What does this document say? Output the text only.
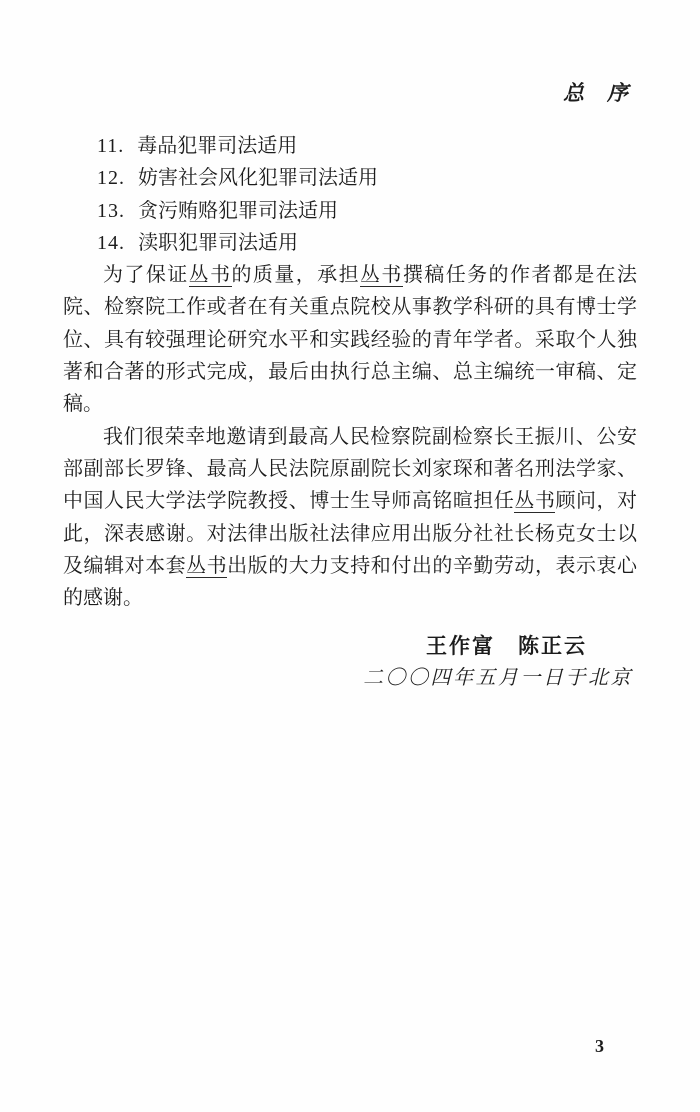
总　序
11. 毒品犯罪司法适用
12. 妨害社会风化犯罪司法适用
13. 贪污贿赂犯罪司法适用
14. 渎职犯罪司法适用

为了保证丛书的质量，承担丛书撰稿任务的作者都是在法院、检察院工作或者在有关重点院校从事教学科研的具有博士学位、具有较强理论研究水平和实践经验的青年学者。采取个人独著和合著的形式完成，最后由执行总主编、总主编统一审稿、定稿。

我们很荣幸地邀请到最高人民检察院副检察长王振川、公安部副部长罗锋、最高人民法院原副院长刘家琛和著名刑法学家、中国人民大学法学院教授、博士生导师高铭暄担任丛书顾问，对此，深表感谢。对法律出版社法律应用出版分社社长杨克女士以及编辑对本套丛书出版的大力支持和付出的辛勤劳动，表示衷心的感谢。

王作富　陈正云
二〇〇四年五月一日于北京
3
